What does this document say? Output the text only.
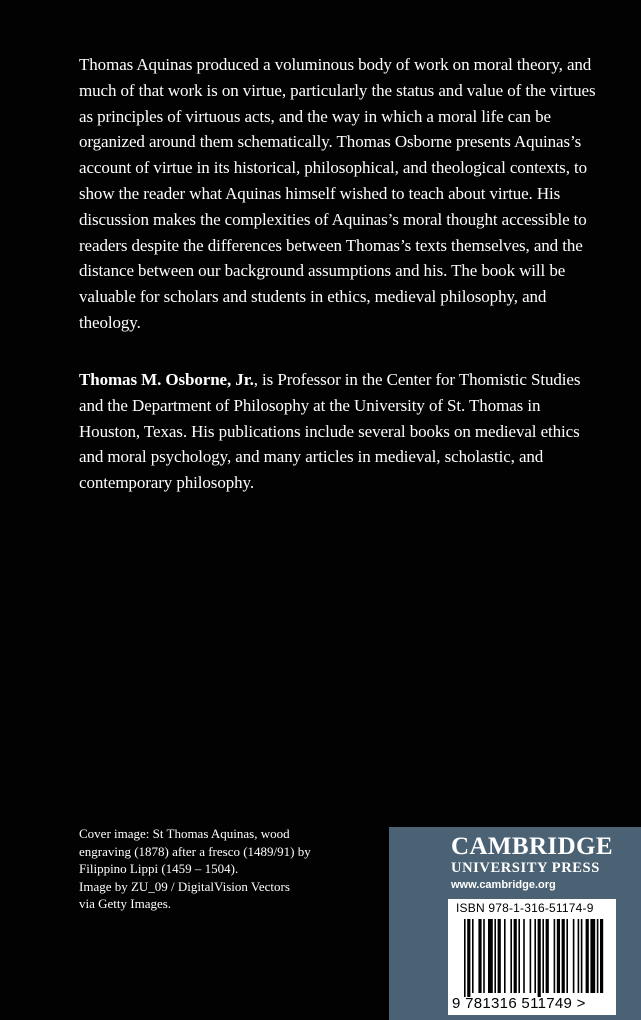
Thomas Aquinas produced a voluminous body of work on moral theory, and much of that work is on virtue, particularly the status and value of the virtues as principles of virtuous acts, and the way in which a moral life can be organized around them schematically. Thomas Osborne presents Aquinas’s account of virtue in its historical, philosophical, and theological contexts, to show the reader what Aquinas himself wished to teach about virtue. His discussion makes the complexities of Aquinas’s moral thought accessible to readers despite the differences between Thomas’s texts themselves, and the distance between our background assumptions and his. The book will be valuable for scholars and students in ethics, medieval philosophy, and theology.

Thomas M. Osborne, Jr., is Professor in the Center for Thomistic Studies and the Department of Philosophy at the University of St. Thomas in Houston, Texas. His publications include several books on medieval ethics and moral psychology, and many articles in medieval, scholastic, and contemporary philosophy.
Cover image: St Thomas Aquinas, wood
engraving (1878) after a fresco (1489/91) by
Filippino Lippi (1459 – 1504).
Image by ZU_09 / DigitalVision Vectors
via Getty Images.
CAMBRIDGE
UNIVERSITY PRESS
www.cambridge.org
ISBN 978-1-316-51174-9
9 781316 511749 >
